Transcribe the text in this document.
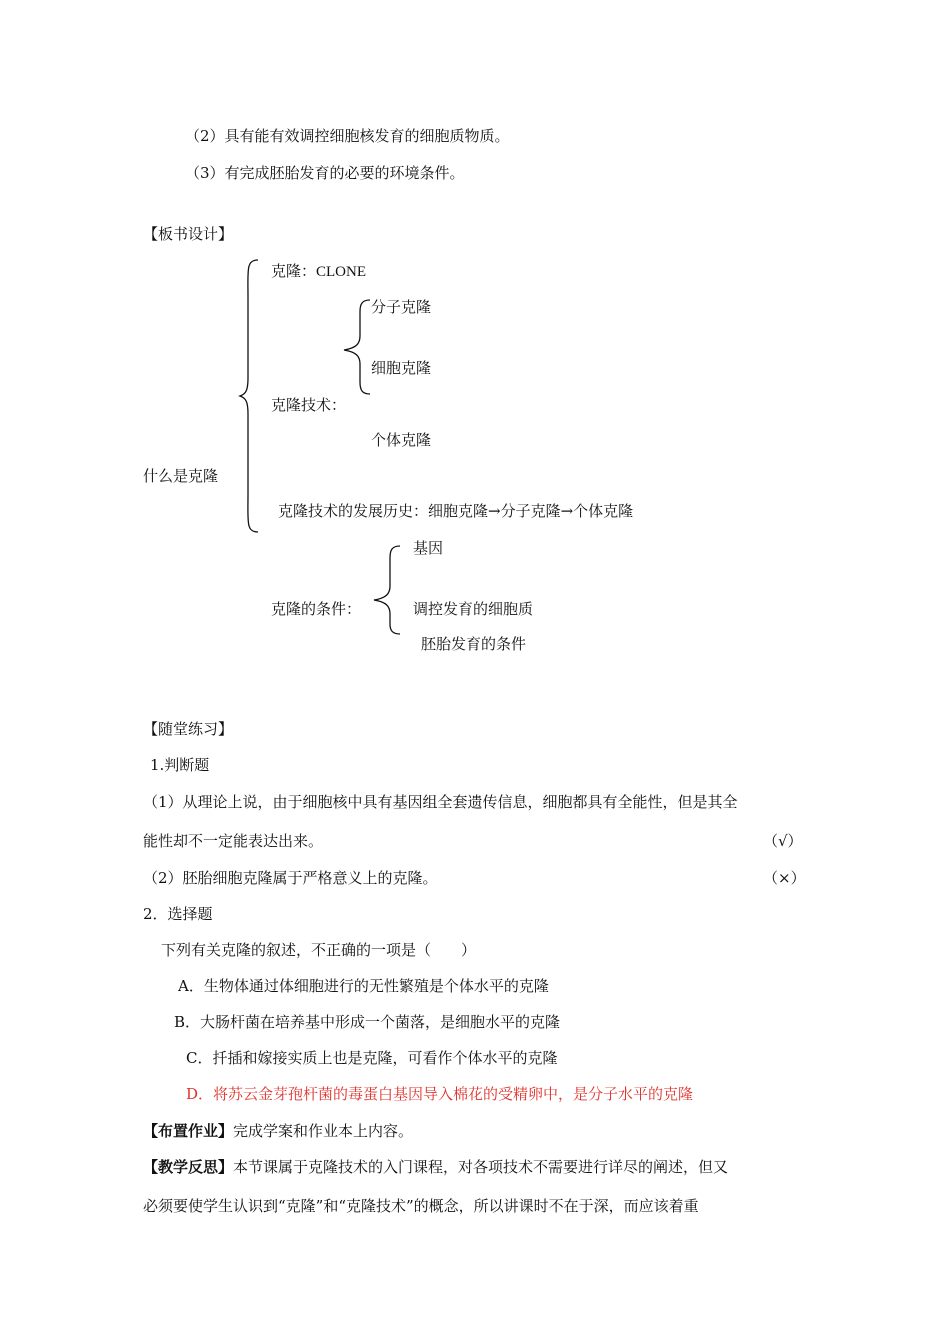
（2）具有能有效调控细胞核发育的细胞质物质。
（3）有完成胚胎发育的必要的环境条件。
【板书设计】
克隆：CLONE
分子克隆
细胞克隆
克隆技术：
个体克隆
什么是克隆
克隆技术的发展历史：细胞克隆→分子克隆→个体克隆
基因
克隆的条件：	调控发育的细胞质
胚胎发育的条件
【随堂练习】
1.判断题
（1）从理论上说，由于细胞核中具有基因组全套遗传信息，细胞都具有全能性，但是其全
能性却不一定能表达出来。	（√）
（2）胚胎细胞克隆属于严格意义上的克隆。	（×）
2．选择题
下列有关克隆的叙述，不正确的一项是（　　）
A．生物体通过体细胞进行的无性繁殖是个体水平的克隆
B．大肠杆菌在培养基中形成一个菌落，是细胞水平的克隆
C．扦插和嫁接实质上也是克隆，可看作个体水平的克隆
D．将苏云金芽孢杆菌的毒蛋白基因导入棉花的受精卵中，是分子水平的克隆
【布置作业】完成学案和作业本上内容。
【教学反思】本节课属于克隆技术的入门课程，对各项技术不需要进行详尽的阐述，但又
必须要使学生认识到“克隆”和“克隆技术”的概念，所以讲课时不在于深，而应该着重
